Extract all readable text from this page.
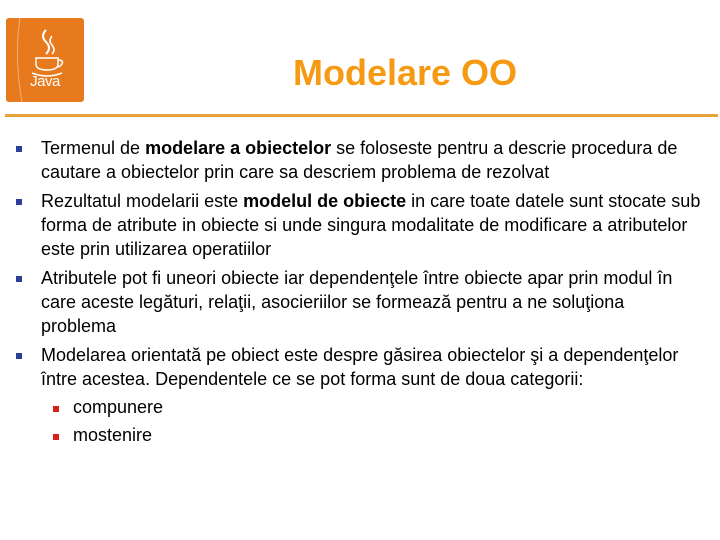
Java	Modelare OO
Termenul de modelare a obiectelor se foloseste pentru a descrie procedura de cautare a obiectelor prin care sa descriem problema de rezolvat
Rezultatul modelarii este modelul de obiecte in care toate datele sunt stocate sub forma de atribute in obiecte si unde singura modalitate de modificare a atributelor este prin utilizarea operatiilor
Atributele pot fi uneori obiecte iar dependenţele între obiecte apar prin modul în care aceste legături, relaţii, asocieriilor se formează pentru a ne soluţiona problema
Modelarea orientată pe obiect este despre găsirea obiectelor şi a dependenţelor între acestea. Dependentele ce se pot forma sunt de doua categorii:
compunere
mostenire
